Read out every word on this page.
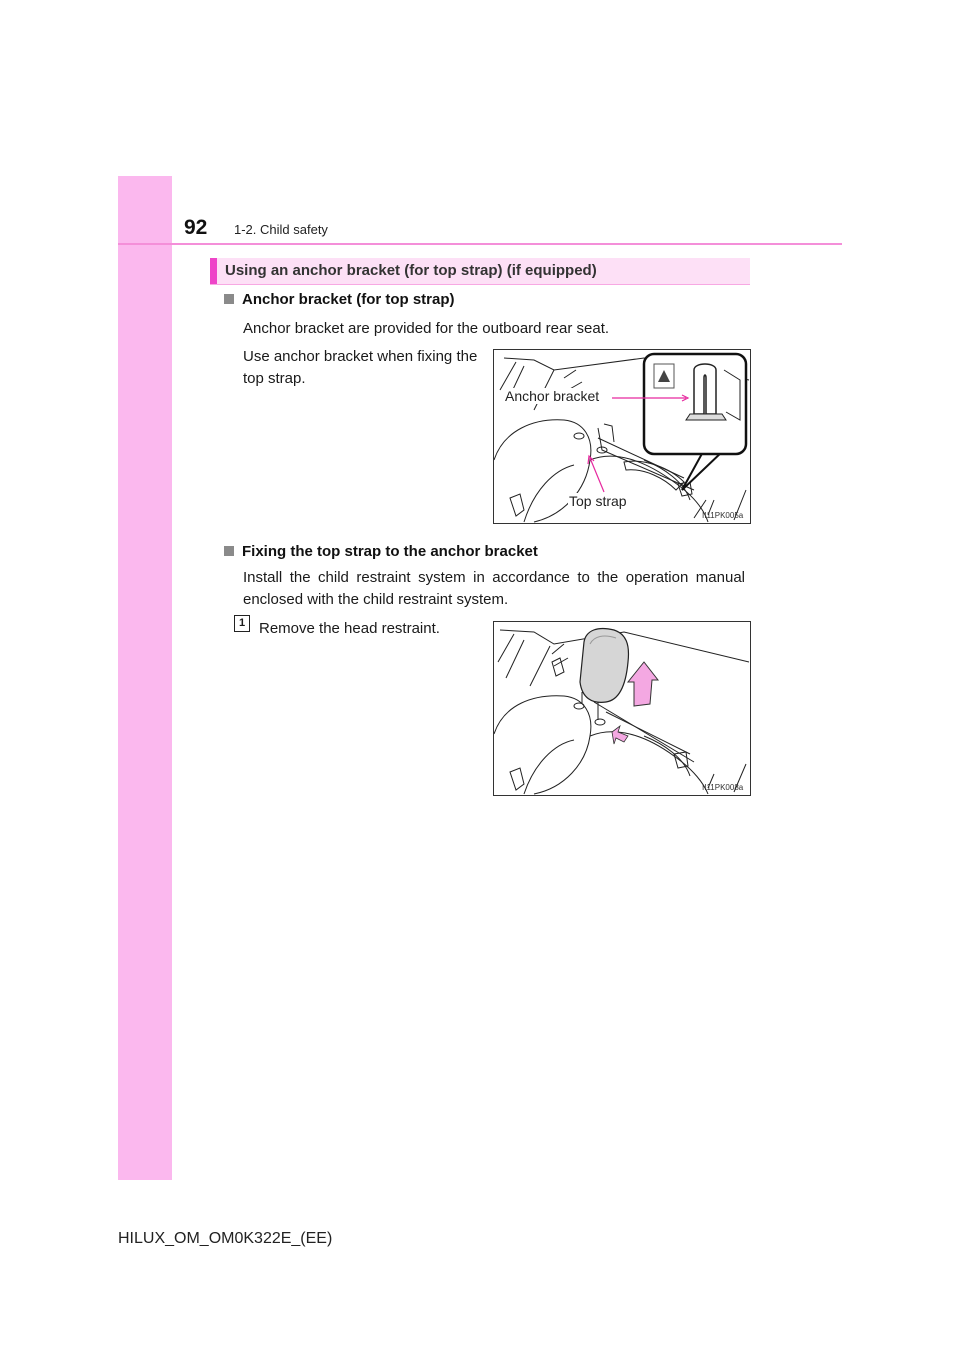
92 1-2. Child safety
Using an anchor bracket (for top strap) (if equipped)
Anchor bracket (for top strap)
Anchor bracket are provided for the outboard rear seat.
Use anchor bracket when fixing the top strap.
Anchor bracket
Top strap
II11PK005a
Fixing the top strap to the anchor bracket
Install the child restraint system in accordance to the operation manual enclosed with the child restraint system.
1 Remove the head restraint.
II11PK008a
HILUX_OM_OM0K322E_(EE)
